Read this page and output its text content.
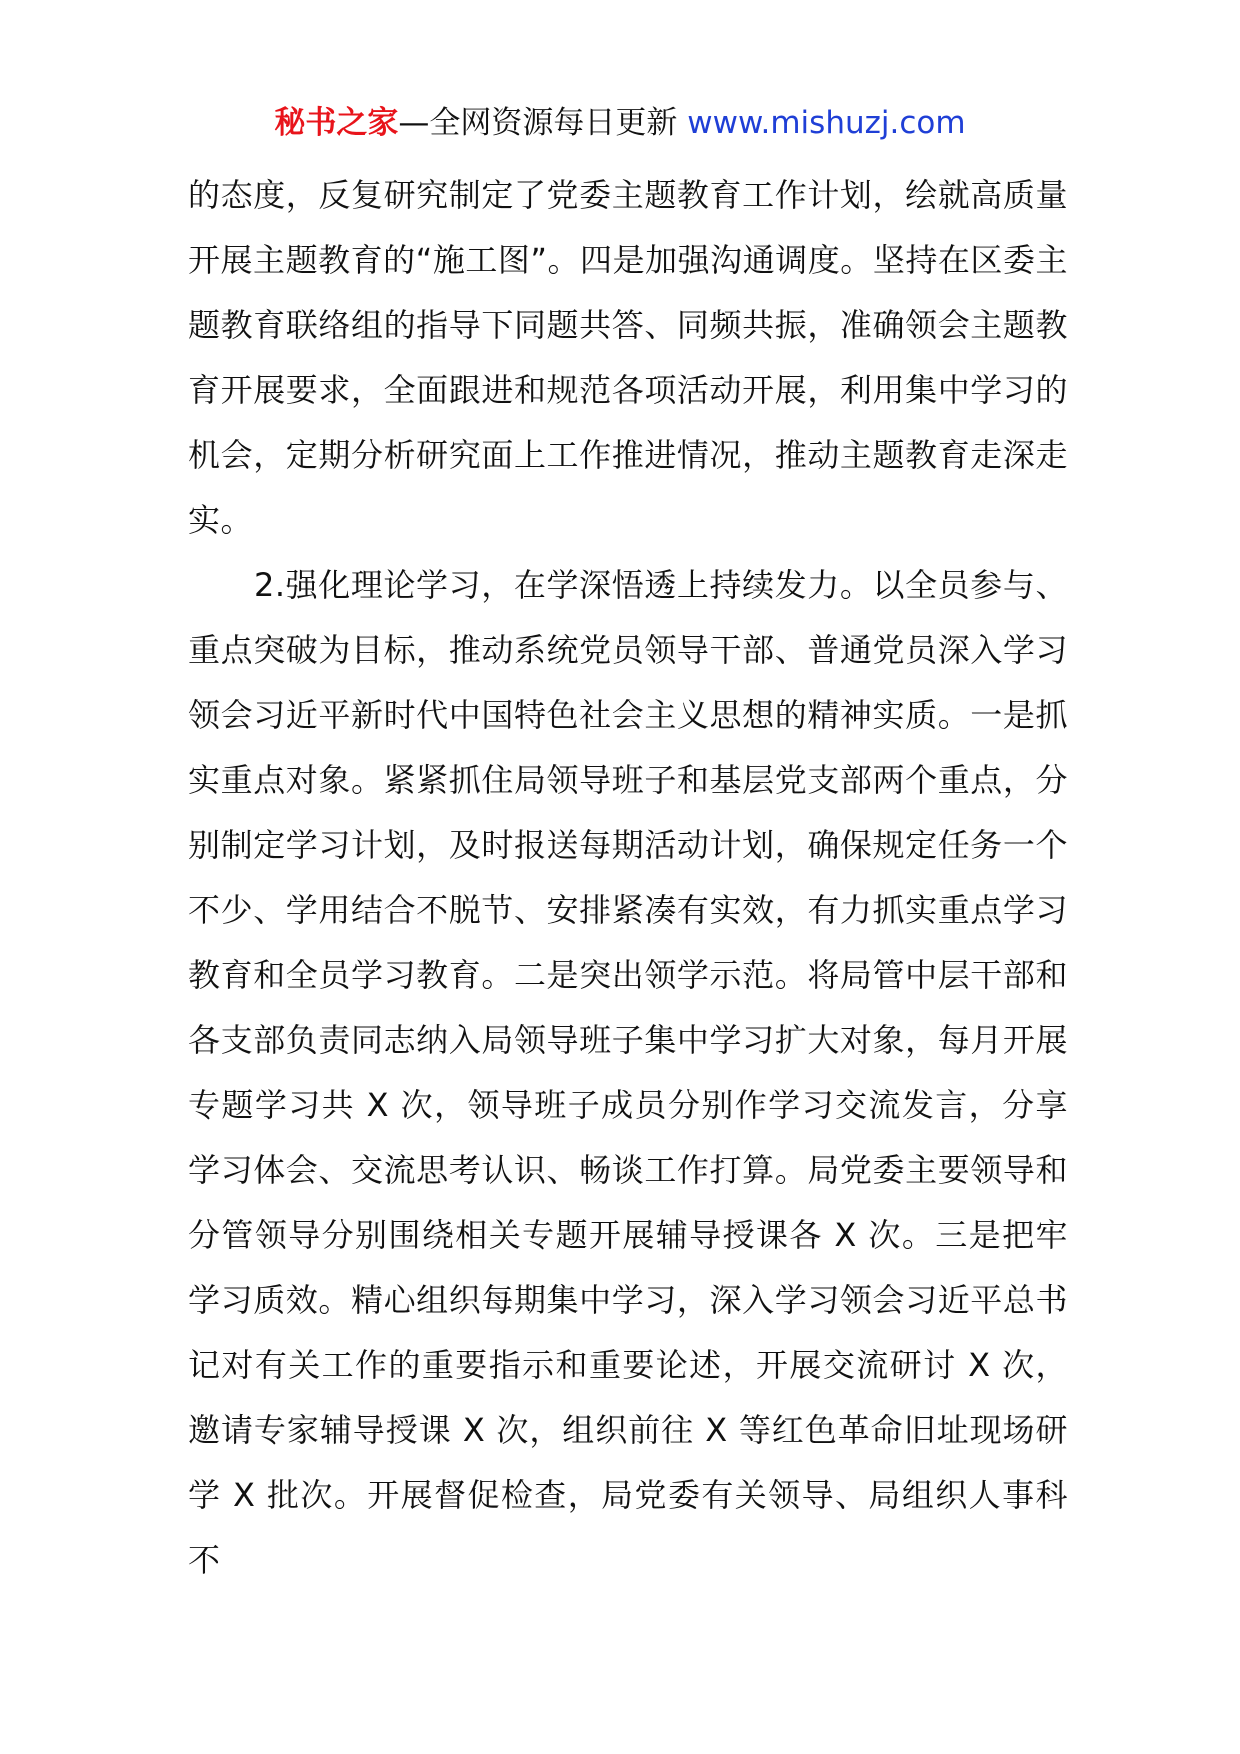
秘书之家—全网资源每日更新 www.mishuzj.com

的态度，反复研究制定了党委主题教育工作计划，绘就高质量开展主题教育的“施工图”。四是加强沟通调度。坚持在区委主题教育联络组的指导下同题共答、同频共振，准确领会主题教育开展要求，全面跟进和规范各项活动开展，利用集中学习的机会，定期分析研究面上工作推进情况，推动主题教育走深走实。

2.强化理论学习，在学深悟透上持续发力。以全员参与、重点突破为目标，推动系统党员领导干部、普通党员深入学习领会习近平新时代中国特色社会主义思想的精神实质。一是抓实重点对象。紧紧抓住局领导班子和基层党支部两个重点，分别制定学习计划，及时报送每期活动计划，确保规定任务一个不少、学用结合不脱节、安排紧凑有实效，有力抓实重点学习教育和全员学习教育。二是突出领学示范。将局管中层干部和各支部负责同志纳入局领导班子集中学习扩大对象，每月开展专题学习共 X 次，领导班子成员分别作学习交流发言，分享学习体会、交流思考认识、畅谈工作打算。局党委主要领导和分管领导分别围绕相关专题开展辅导授课各 X 次。三是把牢学习质效。精心组织每期集中学习，深入学习领会习近平总书记对有关工作的重要指示和重要论述，开展交流研讨 X 次，邀请专家辅导授课 X 次，组织前往 X 等红色革命旧址现场研学 X 批次。开展督促检查，局党委有关领导、局组织人事科不
